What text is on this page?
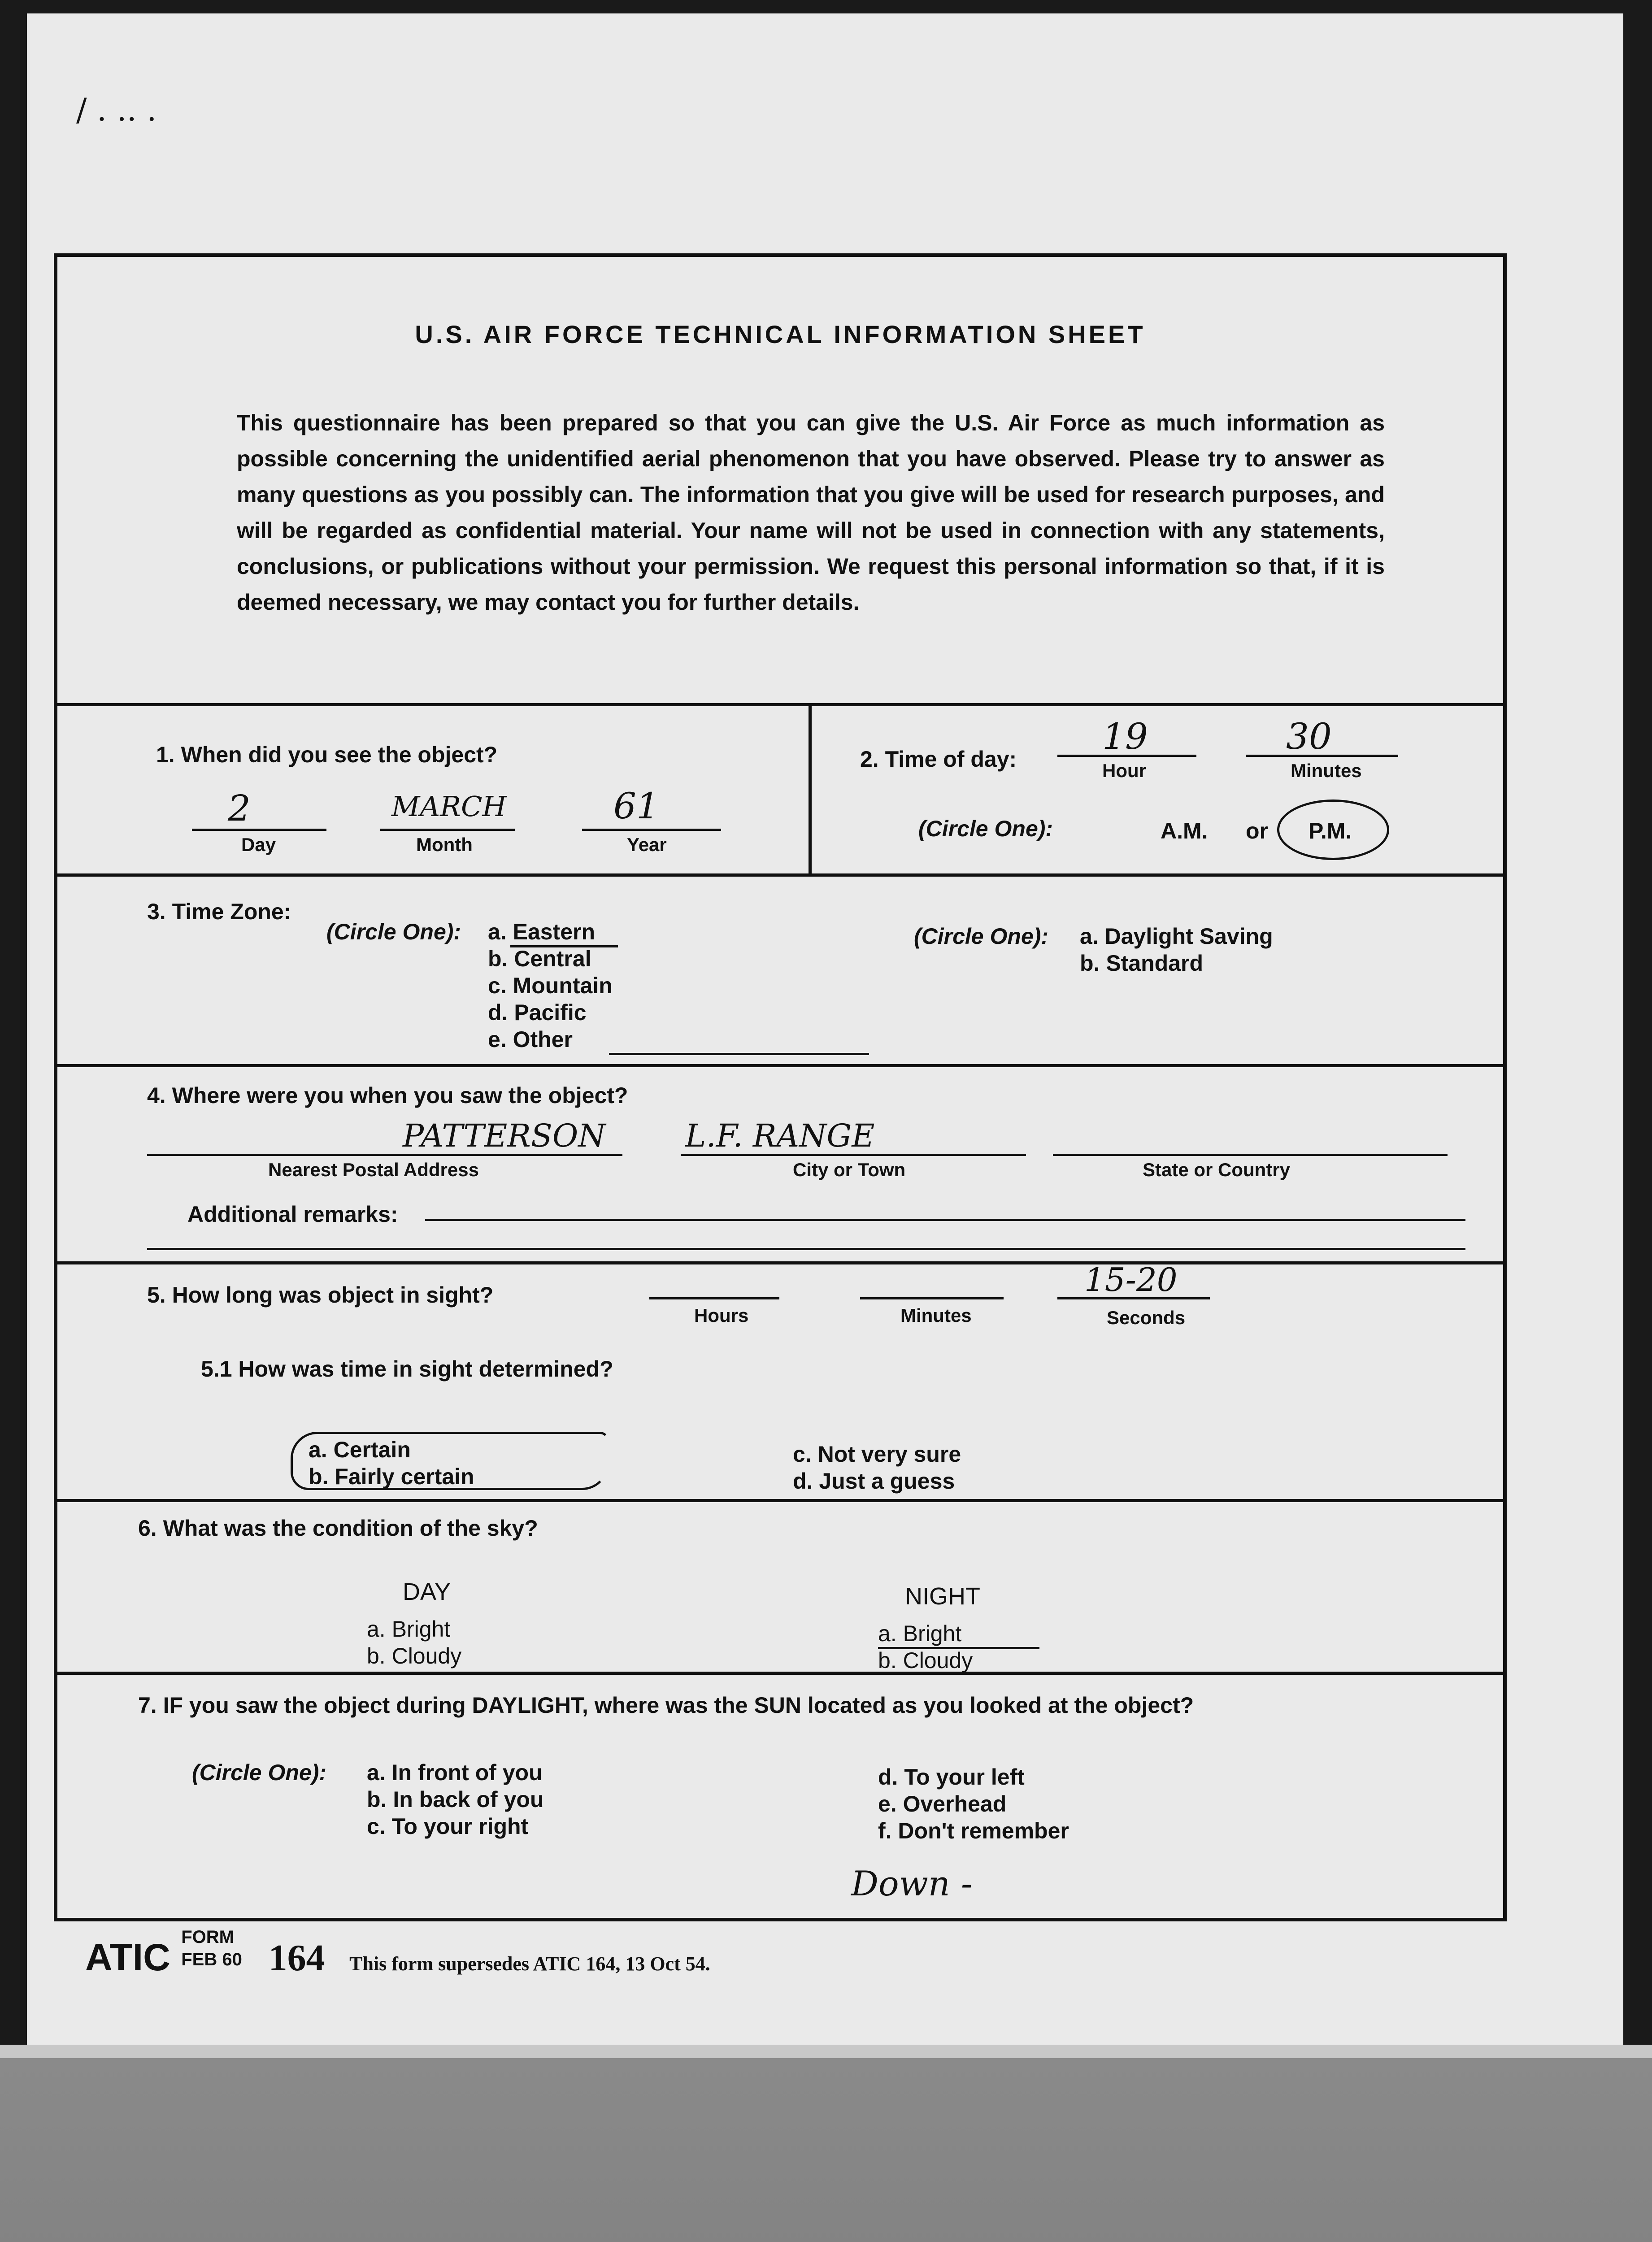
/ . .. .
U.S. AIR FORCE TECHNICAL INFORMATION SHEET
This questionnaire has been prepared so that you can give the U.S. Air Force as much information as possible concerning the unidentified aerial phenomenon that you have observed. Please try to answer as many questions as you possibly can. The information that you give will be used for research purposes, and will be regarded as confidential material. Your name will not be used in connection with any statements, conclusions, or publications without your permission. We request this personal information so that, if it is deemed necessary, we may contact you for further details.
1. When did you see the object?
2
Day
MARCH
Month
61
Year
2. Time of day:
19
Hour
30
Minutes
(Circle One):	A.M. or P.M.
3. Time Zone:
(Circle One): a. Eastern
b. Central
c. Mountain
d. Pacific
e. Other
(Circle One): a. Daylight Saving
b. Standard
4. Where were you when you saw the object?
PATTERSON
Nearest Postal Address
L.F. RANGE
City or Town	State or Country
Additional remarks:
5. How long was object in sight?
Hours	Minutes
15-20
Seconds
5.1 How was time in sight determined?
a. Certain
b. Fairly certain
c. Not very sure
d. Just a guess
6. What was the condition of the sky?
DAY
a. Bright
b. Cloudy
NIGHT
a. Bright
b. Cloudy
7. IF you saw the object during DAYLIGHT, where was the SUN located as you looked at the object?
(Circle One): a. In front of you
b. In back of you
c. To your right
d. To your left
e. Overhead
f. Don't remember
Down -
ATIC FORM
FEB 60 164 This form supersedes ATIC 164, 13 Oct 54.
